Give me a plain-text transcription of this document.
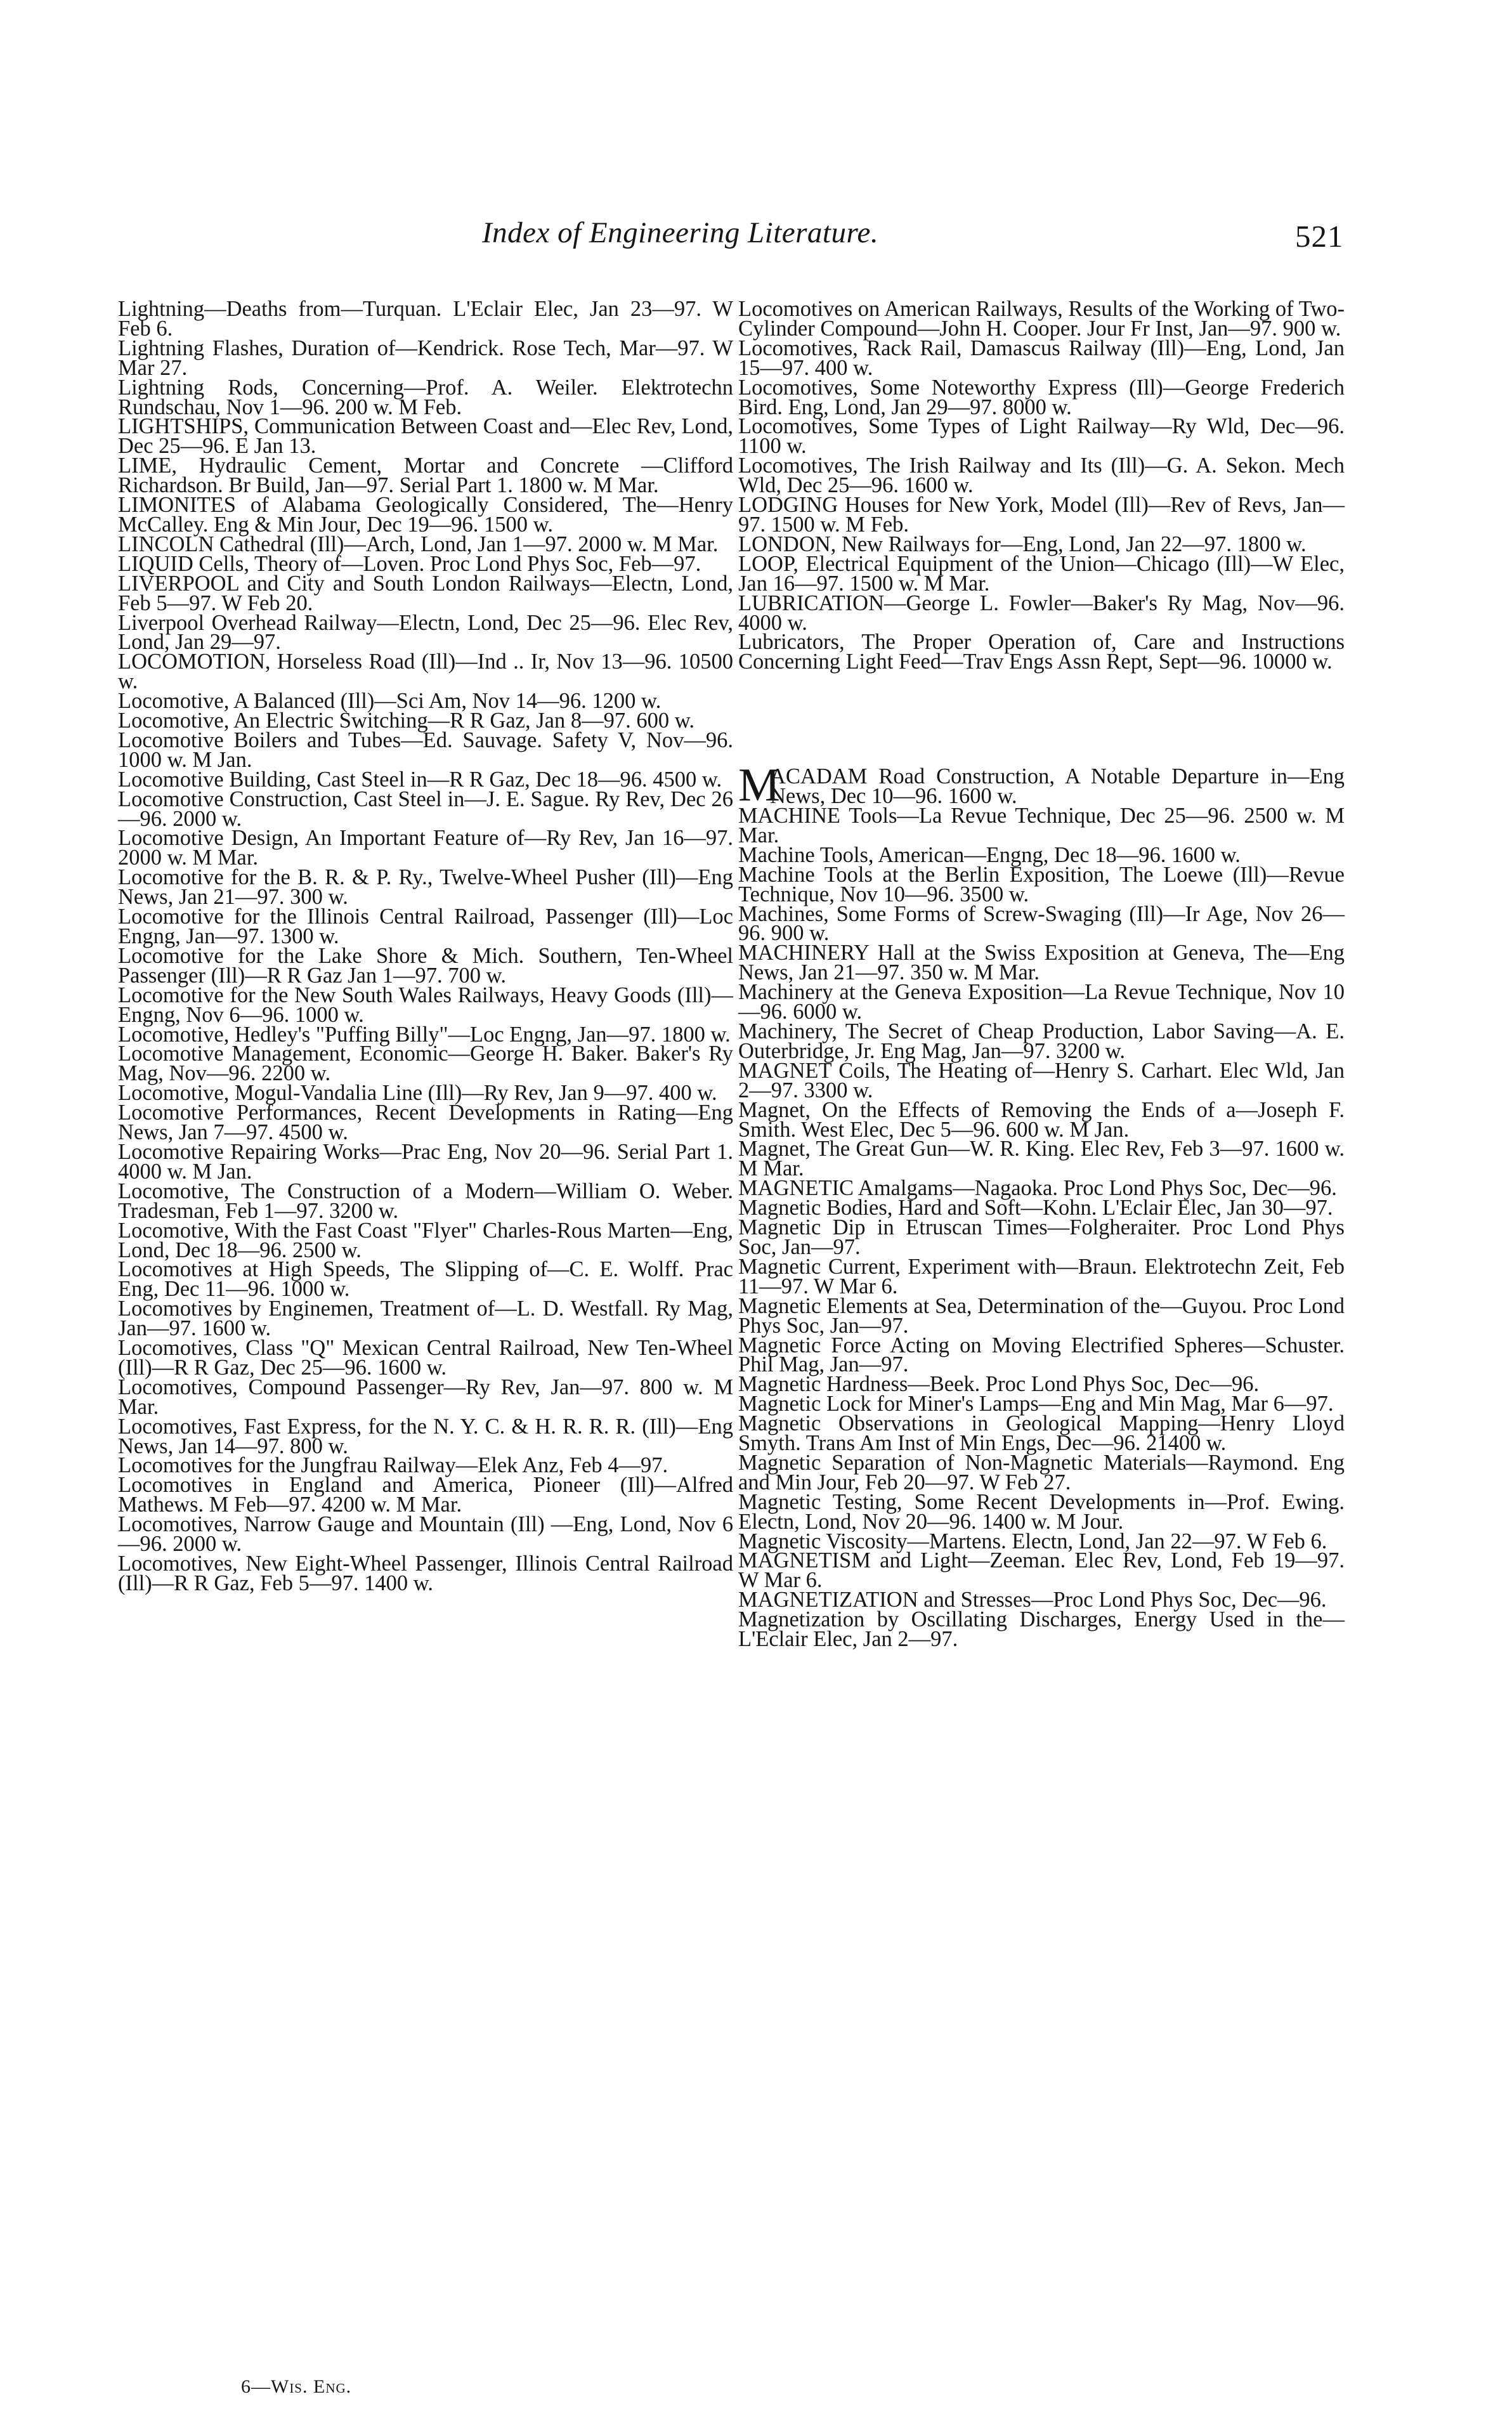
Index of Engineering Literature.	521

Lightning—Deaths from—Turquan. L'Eclair Elec, Jan 23—97. W Feb 6.

Lightning Flashes, Duration of—Kendrick. Rose Tech, Mar—97. W Mar 27.

Lightning Rods, Concerning—Prof. A. Weiler. Elektrotechn Rundschau, Nov 1—96. 200 w. M Feb.

LIGHTSHIPS, Communication Between Coast and—Elec Rev, Lond, Dec 25—96. E Jan 13.

LIME, Hydraulic Cement, Mortar and Concrete —Clifford Richardson. Br Build, Jan—97. Serial Part 1. 1800 w. M Mar.

LIMONITES of Alabama Geologically Considered, The—Henry McCalley. Eng & Min Jour, Dec 19—96. 1500 w.

LINCOLN Cathedral (Ill)—Arch, Lond, Jan 1—97. 2000 w. M Mar.

LIQUID Cells, Theory of—Loven. Proc Lond Phys Soc, Feb—97.

LIVERPOOL and City and South London Railways—Electn, Lond, Feb 5—97. W Feb 20.

Liverpool Overhead Railway—Electn, Lond, Dec 25—96. Elec Rev, Lond, Jan 29—97.

LOCOMOTION, Horseless Road (Ill)—Ind .. Ir, Nov 13—96. 10500 w.

Locomotive, A Balanced (Ill)—Sci Am, Nov 14—96. 1200 w.

Locomotive, An Electric Switching—R R Gaz, Jan 8—97. 600 w.

Locomotive Boilers and Tubes—Ed. Sauvage. Safety V, Nov—96. 1000 w. M Jan.

Locomotive Building, Cast Steel in—R R Gaz, Dec 18—96. 4500 w.

Locomotive Construction, Cast Steel in—J. E. Sague. Ry Rev, Dec 26—96. 2000 w.

Locomotive Design, An Important Feature of—Ry Rev, Jan 16—97. 2000 w. M Mar.

Locomotive for the B. R. & P. Ry., Twelve-Wheel Pusher (Ill)—Eng News, Jan 21—97. 300 w.

Locomotive for the Illinois Central Railroad, Passenger (Ill)—Loc Engng, Jan—97. 1300 w.

Locomotive for the Lake Shore & Mich. Southern, Ten-Wheel Passenger (Ill)—R R Gaz Jan 1—97. 700 w.

Locomotive for the New South Wales Railways, Heavy Goods (Ill)—Engng, Nov 6—96. 1000 w.

Locomotive, Hedley's "Puffing Billy"—Loc Engng, Jan—97. 1800 w.

Locomotive Management, Economic—George H. Baker. Baker's Ry Mag, Nov—96. 2200 w.

Locomotive, Mogul-Vandalia Line (Ill)—Ry Rev, Jan 9—97. 400 w.

Locomotive Performances, Recent Developments in Rating—Eng News, Jan 7—97. 4500 w.

Locomotive Repairing Works—Prac Eng, Nov 20—96. Serial Part 1. 4000 w. M Jan.

Locomotive, The Construction of a Modern—William O. Weber. Tradesman, Feb 1—97. 3200 w.

Locomotive, With the Fast Coast "Flyer" Charles-Rous Marten—Eng, Lond, Dec 18—96. 2500 w.

Locomotives at High Speeds, The Slipping of—C. E. Wolff. Prac Eng, Dec 11—96. 1000 w.

Locomotives by Enginemen, Treatment of—L. D. Westfall. Ry Mag, Jan—97. 1600 w.

Locomotives, Class "Q" Mexican Central Railroad, New Ten-Wheel (Ill)—R R Gaz, Dec 25—96. 1600 w.

Locomotives, Compound Passenger—Ry Rev, Jan—97. 800 w. M Mar.

Locomotives, Fast Express, for the N. Y. C. & H. R. R. R. (Ill)—Eng News, Jan 14—97. 800 w.

Locomotives for the Jungfrau Railway—Elek Anz, Feb 4—97.

Locomotives in England and America, Pioneer (Ill)—Alfred Mathews. M Feb—97. 4200 w. M Mar.

Locomotives, Narrow Gauge and Mountain (Ill) —Eng, Lond, Nov 6—96. 2000 w.

Locomotives, New Eight-Wheel Passenger, Illinois Central Railroad (Ill)—R R Gaz, Feb 5—97. 1400 w.

Locomotives on American Railways, Results of the Working of Two-Cylinder Compound—John H. Cooper. Jour Fr Inst, Jan—97. 900 w.

Locomotives, Rack Rail, Damascus Railway (Ill)—Eng, Lond, Jan 15—97. 400 w.

Locomotives, Some Noteworthy Express (Ill)—George Frederich Bird. Eng, Lond, Jan 29—97. 8000 w.

Locomotives, Some Types of Light Railway—Ry Wld, Dec—96. 1100 w.

Locomotives, The Irish Railway and Its (Ill)—G. A. Sekon. Mech Wld, Dec 25—96. 1600 w.

LODGING Houses for New York, Model (Ill)—Rev of Revs, Jan—97. 1500 w. M Feb.

LONDON, New Railways for—Eng, Lond, Jan 22—97. 1800 w.

LOOP, Electrical Equipment of the Union—Chicago (Ill)—W Elec, Jan 16—97. 1500 w. M Mar.

LUBRICATION—George L. Fowler—Baker's Ry Mag, Nov—96. 4000 w.

Lubricators, The Proper Operation of, Care and Instructions Concerning Light Feed—Trav Engs Assn Rept, Sept—96. 10000 w.

M
ACADAM Road Construction, A Notable Departure in—Eng News, Dec 10—96. 1600 w.

MACHINE Tools—La Revue Technique, Dec 25—96. 2500 w. M Mar.

Machine Tools, American—Engng, Dec 18—96. 1600 w.

Machine Tools at the Berlin Exposition, The Loewe (Ill)—Revue Technique, Nov 10—96. 3500 w.

Machines, Some Forms of Screw-Swaging (Ill)—Ir Age, Nov 26—96. 900 w.

MACHINERY Hall at the Swiss Exposition at Geneva, The—Eng News, Jan 21—97. 350 w. M Mar.

Machinery at the Geneva Exposition—La Revue Technique, Nov 10—96. 6000 w.

Machinery, The Secret of Cheap Production, Labor Saving—A. E. Outerbridge, Jr. Eng Mag, Jan—97. 3200 w.

MAGNET Coils, The Heating of—Henry S. Carhart. Elec Wld, Jan 2—97. 3300 w.

Magnet, On the Effects of Removing the Ends of a—Joseph F. Smith. West Elec, Dec 5—96. 600 w. M Jan.

Magnet, The Great Gun—W. R. King. Elec Rev, Feb 3—97. 1600 w. M Mar.

MAGNETIC Amalgams—Nagaoka. Proc Lond Phys Soc, Dec—96.

Magnetic Bodies, Hard and Soft—Kohn. L'Eclair Elec, Jan 30—97.

Magnetic Dip in Etruscan Times—Folgheraiter. Proc Lond Phys Soc, Jan—97.

Magnetic Current, Experiment with—Braun. Elektrotechn Zeit, Feb 11—97. W Mar 6.

Magnetic Elements at Sea, Determination of the—Guyou. Proc Lond Phys Soc, Jan—97.

Magnetic Force Acting on Moving Electrified Spheres—Schuster. Phil Mag, Jan—97.

Magnetic Hardness—Beek. Proc Lond Phys Soc, Dec—96.

Magnetic Lock for Miner's Lamps—Eng and Min Mag, Mar 6—97.

Magnetic Observations in Geological Mapping—Henry Lloyd Smyth. Trans Am Inst of Min Engs, Dec—96. 21400 w.

Magnetic Separation of Non-Magnetic Materials—Raymond. Eng and Min Jour, Feb 20—97. W Feb 27.

Magnetic Testing, Some Recent Developments in—Prof. Ewing. Electn, Lond, Nov 20—96. 1400 w. M Jour.

Magnetic Viscosity—Martens. Electn, Lond, Jan 22—97. W Feb 6.

MAGNETISM and Light—Zeeman. Elec Rev, Lond, Feb 19—97. W Mar 6.

MAGNETIZATION and Stresses—Proc Lond Phys Soc, Dec—96.

Magnetization by Oscillating Discharges, Energy Used in the—L'Eclair Elec, Jan 2—97.

6—Wis. Eng.
